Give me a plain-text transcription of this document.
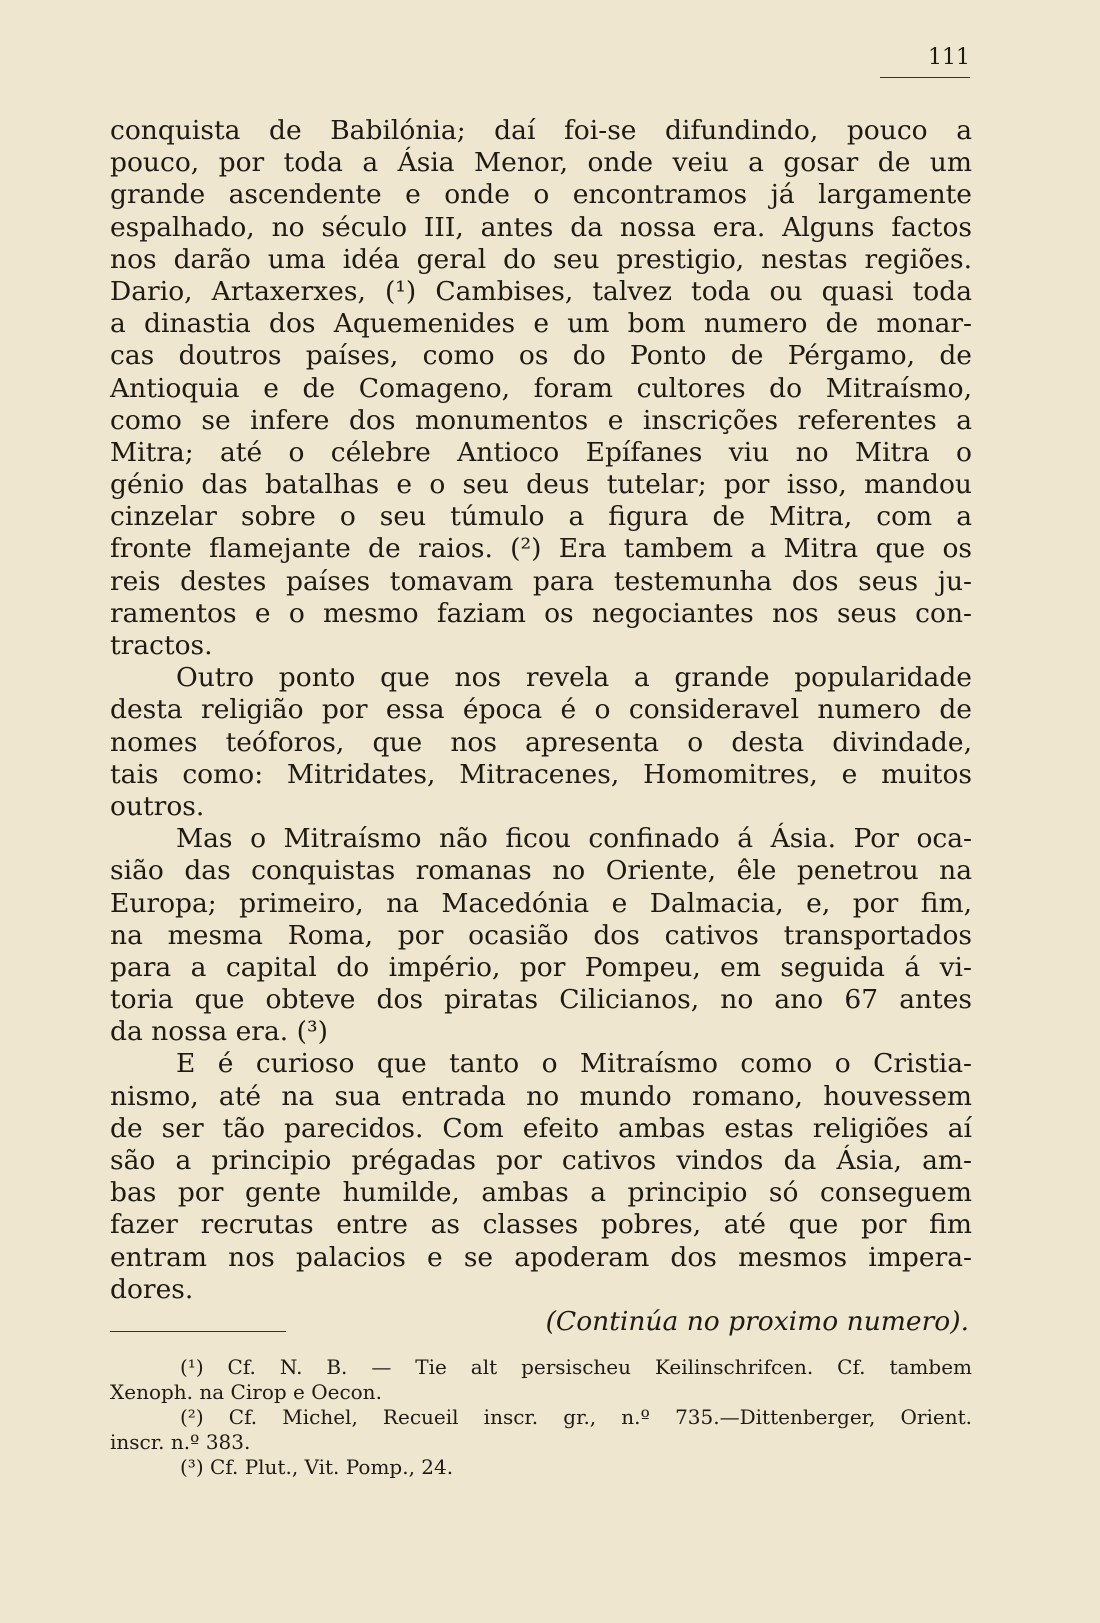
111
conquista de Babilónia; daí foi-se difundindo, pouco a
pouco, por toda a Ásia Menor, onde veiu a gosar de um
grande ascendente e onde o encontramos já largamente
espalhado, no século III, antes da nossa era. Alguns factos
nos darão uma idéa geral do seu prestigio, nestas regiões.
Dario, Artaxerxes, (¹) Cambises, talvez toda ou quasi toda
a dinastia dos Aquemenides e um bom numero de monar-
cas doutros países, como os do Ponto de Pérgamo, de
Antioquia e de Comageno, foram cultores do Mitraísmo,
como se infere dos monumentos e inscrições referentes a
Mitra; até o célebre Antioco Epífanes viu no Mitra o
génio das batalhas e o seu deus tutelar; por isso, mandou
cinzelar sobre o seu túmulo a figura de Mitra, com a
fronte flamejante de raios. (²) Era tambem a Mitra que os
reis destes países tomavam para testemunha dos seus ju-
ramentos e o mesmo faziam os negociantes nos seus con-
tractos.
Outro ponto que nos revela a grande popularidade
desta religião por essa época é o consideravel numero de
nomes teóforos, que nos apresenta o desta divindade,
tais como: Mitridates, Mitracenes, Homomitres, e muitos
outros.
Mas o Mitraísmo não ficou confinado á Ásia. Por oca-
sião das conquistas romanas no Oriente, êle penetrou na
Europa; primeiro, na Macedónia e Dalmacia, e, por fim,
na mesma Roma, por ocasião dos cativos transportados
para a capital do império, por Pompeu, em seguida á vi-
toria que obteve dos piratas Cilicianos, no ano 67 antes
da nossa era. (³)
E é curioso que tanto o Mitraísmo como o Cristia-
nismo, até na sua entrada no mundo romano, houvessem
de ser tão parecidos. Com efeito ambas estas religiões aí
são a principio prégadas por cativos vindos da Ásia, am-
bas por gente humilde, ambas a principio só conseguem
fazer recrutas entre as classes pobres, até que por fim
entram nos palacios e se apoderam dos mesmos impera-
dores.
(Continúa no proximo numero).
(¹) Cf. N. B. — Tie alt persischeu Keilinschrifcen. Cf. tambem
Xenoph. na Cirop e Oecon.
(²) Cf. Michel, Recueil inscr. gr., n.º 735.—Dittenberger, Orient.
inscr. n.º 383.
(³) Cf. Plut., Vit. Pomp., 24.
